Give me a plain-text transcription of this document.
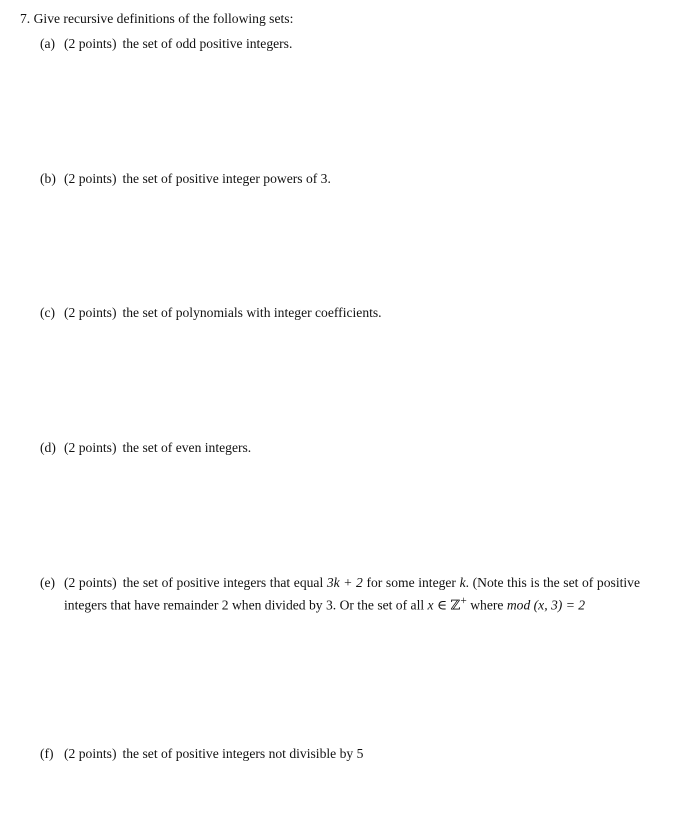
7. Give recursive definitions of the following sets:
(a) (2 points) the set of odd positive integers.
(b) (2 points) the set of positive integer powers of 3.
(c) (2 points) the set of polynomials with integer coefficients.
(d) (2 points) the set of even integers.
(e) (2 points) the set of positive integers that equal 3k + 2 for some integer k. (Note this is the set of positive integers that have remainder 2 when divided by 3. Or the set of all x ∈ ℤ+ where mod (x, 3) = 2
(f) (2 points) the set of positive integers not divisible by 5
